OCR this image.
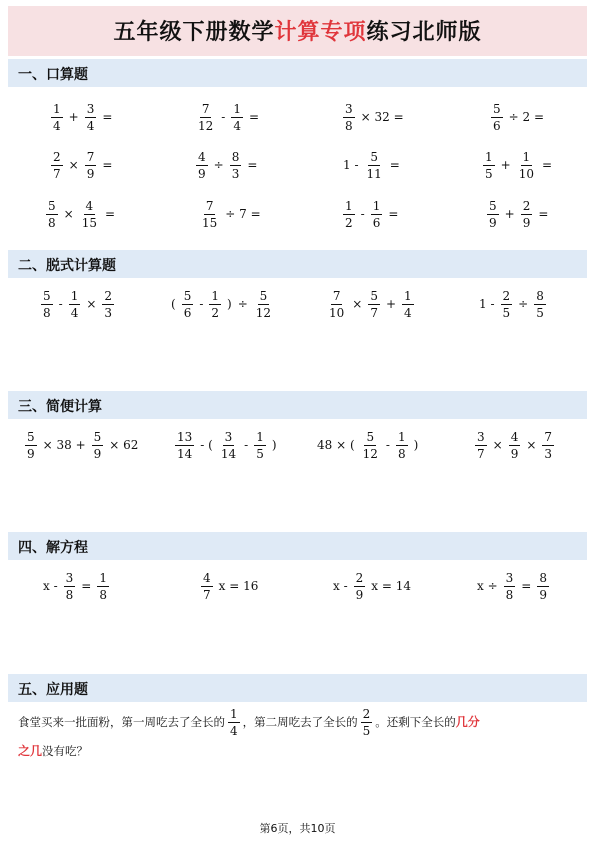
五年级下册数学计算专项练习北师版
一、口算题
$\frac{1}{4} + \frac{3}{4}$ =	$\frac{7}{12} - \frac{1}{4}$ =	$\frac{3}{8} \times 32$ =	$\frac{5}{6} \div 2$ =
$\frac{2}{7} \times \frac{7}{9}$ =	$\frac{4}{9} \div \frac{8}{3}$ =	$1 - \frac{5}{11}$ =	$\frac{1}{5} + \frac{1}{10}$ =
$\frac{5}{8} \times \frac{4}{15}$ =	$\frac{7}{15} \div 7$ =	$\frac{1}{2} - \frac{1}{6}$ =	$\frac{5}{9} + \frac{2}{9}$ =
二、脱式计算题
$\frac{5}{8} - \frac{1}{4} \times \frac{2}{3}$	( $\frac{5}{6} - \frac{1}{2}$ ) ÷ $\frac{5}{12}$	$\frac{7}{10} \times \frac{5}{7} + \frac{1}{4}$	$1 - \frac{2}{5} \div \frac{8}{5}$
三、简便计算
$\frac{5}{9} \times 38 + \frac{5}{9} \times 62$	$\frac{13}{14}$ - ( $\frac{3}{14} - \frac{1}{5}$ )	48 × ( $\frac{5}{12} - \frac{1}{8}$ )	$\frac{3}{7} \times \frac{4}{9} \times \frac{7}{3}$
四、解方程
$x - \frac{3}{8} = \frac{1}{8}$	$\frac{4}{7}$ x = 16	x - $\frac{2}{9}$ x = 14	$x \div \frac{3}{8} = \frac{8}{9}$
五、应用题
食堂买来一批面粉，第一周吃去了全长的 $\frac{1}{4}$ ，第二周吃去了全长的 $\frac{2}{5}$ 。还剩下全长的几分
之几没有吃？
第6页，共10页
